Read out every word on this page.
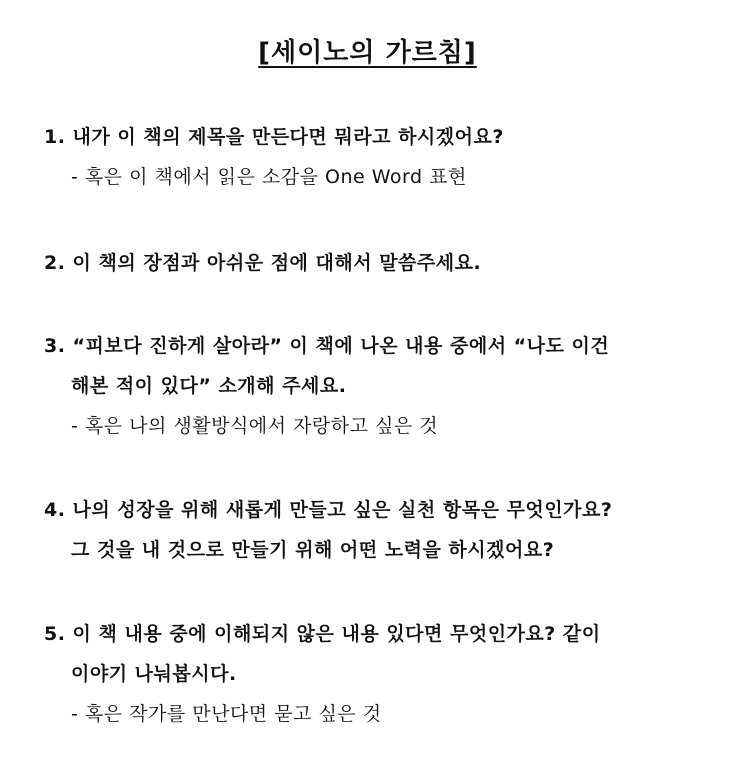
[세이노의 가르침]
1. 내가 이 책의 제목을 만든다면 뭐라고 하시겠어요?
- 혹은 이 책에서 읽은 소감을 One Word 표현
2. 이 책의 장점과 아쉬운 점에 대해서 말씀주세요.
3. “피보다 진하게 살아라” 이 책에 나온 내용 중에서 “나도 이건
해본 적이 있다” 소개해 주세요.
- 혹은 나의 생활방식에서 자랑하고 싶은 것
4. 나의 성장을 위해 새롭게 만들고 싶은 실천 항목은 무엇인가요?
그 것을 내 것으로 만들기 위해 어떤 노력을 하시겠어요?
5. 이 책 내용 중에 이해되지 않은 내용 있다면 무엇인가요? 같이
이야기 나눠봅시다.
- 혹은 작가를 만난다면 묻고 싶은 것
